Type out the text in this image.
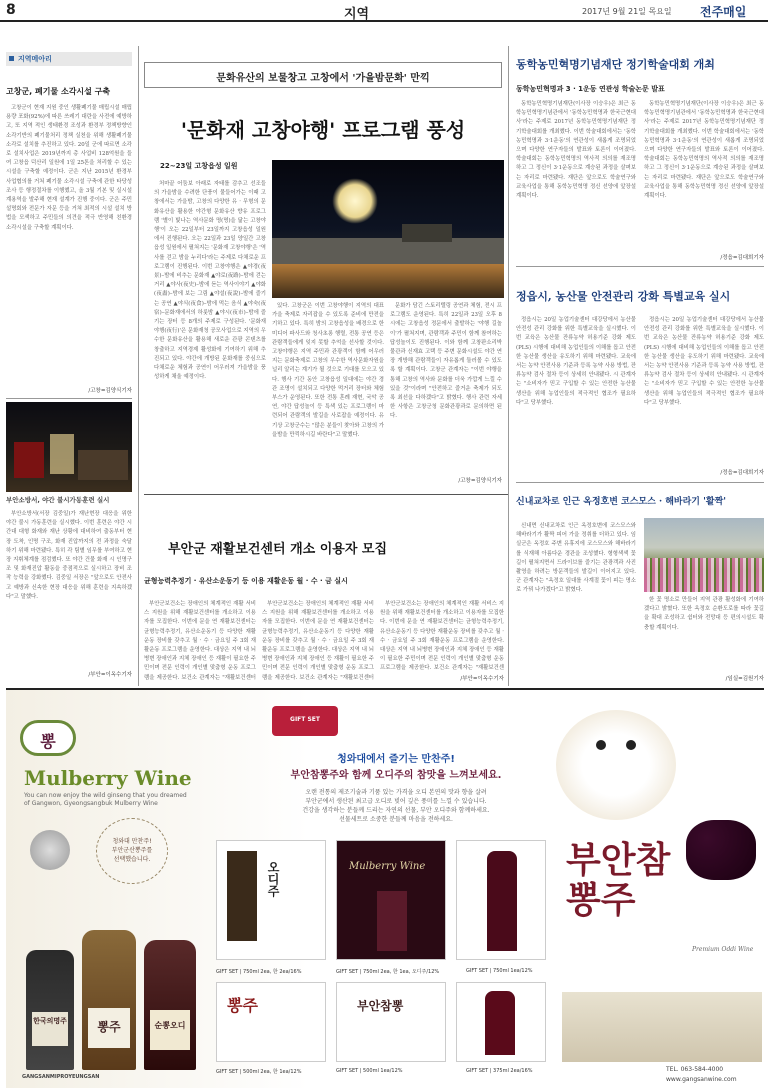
8	지역	2017년 9월 21일 목요일 전주매일
지역메아리
고창군, 폐기물 소각시설 구축

고창군이 현재 지원 중인 생활폐기물 매립시설 매립용량 포화(92%)에 따른 쓰레기 대란을 사전에 예방하고, 또 지역 적인 생태환경 조성과 환경부 정책방향인 소각기반의 폐기물처리 정책 실천을 위해 생활폐기물 소각로 설치를 추진하고 있다. 20일 군에 따르면 소각로 설치사업은 2019년까지 총 사업비 128억원을 들여 고창읍 덕산리 일원에 1일 25톤을 처리할 수 있는 시설을 구축할 예정이다. 군은 지난 2015년 환경부 사업협의를 거쳐 폐기물 소각시설 구축에 관한 타당성 조사 등 행정절차를 이행했고, 올 3월 기본 및 실시설계용역을 발주해 현재 설계가 진행 중이다. 군은 주민설명회와 전문가 자문 등을 거쳐 최적의 시설 설치 방법을 모색하고 주민들의 의견을 적극 반영해 친환경 소각시설을 구축할 계획이다.

/고창=김양식기자
부안소방서, 야간 불시가동훈련 실시

부안소방서(서장 김중일)가 재난현장 대응을 위한 야간 불시 가동훈련을 실시했다. 이번 훈련은 야간 시간대 대형 화재와 재난 상황에 대비하여 출동부터 현장 도착, 인명 구조, 화재 진압까지의 전 과정을 숙달하기 위해 마련됐다. 특히 각 팀별 임무를 부여하고 현장 지휘체계를 점검했다. 또 야간 건물 화재 시 인명구조 및 화재진압 활동을 중점적으로 실시하고 장비 조작 능력을 강화했다. 김중일 서장은 "앞으로도 안전사고 예방과 신속한 현장 대응을 위해 훈련을 지속하겠다"고 말했다.

/부안=이옥수기자
문화유산의 보물창고 고창에서 '가을밤문화' 만끽
'문화재 고창야행' 프로그램 풍성
22~23일 고창읍성 일원

처마끝 어둠보 아래로 자태를 감추고 선조들의 가을밤을 수려한 단풍이 물들어가는 이때 고창에서는 가을밤, 고창의 다양한 유 · 무형의 문화유산을 활용한 야간형 문화유산 향유 프로그램 '별이 빛나는 역사문화 명(명)을 닮는 고창야행'이 오는 22일부터 23일까지 고창읍성 일원에서 진행된다. 오는 22일과 23일 양일간 고창읍성 일원에서 펼쳐지는 '문화재 고창야행'은 '역사를 걷고 밤을 누리다'라는 주제로 다채로운 프로그램이 진행된다. 이번 고창야행은 ▲야경(夜景)–밤에 비추는 문화재 ▲야로(夜路)–밤에 걷는 거리 ▲야사(夜史)–밤에 듣는 역사이야기 ▲야화(夜畵)–밤에 보는 그림 ▲야설(夜說)–밤에 즐기는 공연 ▲야식(夜食)–밤에 먹는 음식 ▲야숙(夜宿)–문화재에서의 하룻밤 ▲야시(夜市)–밤에 즐기는 장터 등 8개의 주제로 구성된다. '문화재 야행(夜行)'은 문화재청 공모사업으로 지역의 우수한 문화유산을 활용해 새로운 관광 콘텐츠를 창출하고 지역경제 활성화에 기여하기 위해 추진되고 있다. 야간에 개방된 문화재를 중심으로 다채로운 체험과 공연이 어우러져 가을밤을 풍성하게 채울 예정이다.

있다. 고창군은 이번 고창야행이 지역의 대표 가을 축제로 자리잡을 수 있도록 준비에 만전을 기하고 있다. 특히 밤의 고창읍성을 배경으로 한 미디어 파사드와 청사초롱 행렬, 전통 공연 등은 관람객들에게 잊지 못할 추억을 선사할 것이다. 고창야행은 지역 주민과 관광객이 함께 어우러지는 문화축제로 고창의 우수한 역사문화자원을 널리 알리는 계기가 될 것으로 기대를 모으고 있다. 행사 기간 동안 고창읍성 일대에는 야간 경관 조명이 설치되고 다양한 먹거리 장터와 체험 부스가 운영된다. 또한 전통 혼례 재현, 국악 공연, 야간 답성놀이 등 특색 있는 프로그램이 마련되어 관람객의 발길을 사로잡을 예정이다. 유기상 고창군수는 "많은 분들이 찾아와 고창의 가을밤을 만끽하시길 바란다"고 말했다.

문화가 담긴 스토리텔링 공연과 체험, 전시 프로그램도 운영된다. 특히 22일과 23일 오후 8시에는 고창읍성 정문에서 출발하는 '야행 길놀이'가 펼쳐지며, 관람객과 주민이 함께 참여하는 답성놀이도 진행된다. 이와 함께 고창판소리박물관과 신재효 고택 등 주변 문화시설도 야간 연장 개방해 관람객들이 자유롭게 둘러볼 수 있도록 할 계획이다. 고창군 관계자는 "이번 야행을 통해 고창의 역사와 문화를 더욱 가깝게 느낄 수 있을 것"이라며 "안전하고 즐거운 축제가 되도록 최선을 다하겠다"고 밝혔다. 행사 관련 자세한 사항은 고창군청 문화관광과로 문의하면 된다.

/고창=김양식기자
동학농민혁명기념재단 정기학술대회 개최
동학농민혁명과 3 · 1운동 연관성 학술논문 발표

동학농민혁명기념재단(이사장 이승우)은 최근 동학농민혁명기념관에서 '동학농민혁명과 한국근현대사'라는 주제로 2017년 동학농민혁명기념재단 정기학술대회를 개최했다. 이번 학술대회에서는 '동학농민혁명과 3·1운동'의 연관성이 새롭게 조명되었으며 다양한 연구자들의 발표와 토론이 이어졌다. 학술대회는 동학농민혁명의 역사적 의의를 재조명하고 그 정신이 3·1운동으로 계승된 과정을 살펴보는 자리로 마련됐다. 재단은 앞으로도 학술연구와 교육사업을 통해 동학농민혁명 정신 선양에 앞장설 계획이다.

동학농민혁명기념재단(이사장 이승우)은 최근 동학농민혁명기념관에서 '동학농민혁명과 한국근현대사'라는 주제로 2017년 동학농민혁명기념재단 정기학술대회를 개최했다. 이번 학술대회에서는 '동학농민혁명과 3·1운동'의 연관성이 새롭게 조명되었으며 다양한 연구자들의 발표와 토론이 이어졌다. 학술대회는 동학농민혁명의 역사적 의의를 재조명하고 그 정신이 3·1운동으로 계승된 과정을 살펴보는 자리로 마련됐다. 재단은 앞으로도 학술연구와 교육사업을 통해 동학농민혁명 정신 선양에 앞장설 계획이다.

/정읍=김대희기자
정읍시, 농산물 안전관리 강화 특별교육 실시

정읍시는 20일 농업기술센터 대강당에서 농산물 안전성 관리 강화를 위한 특별교육을 실시했다. 이번 교육은 농산물 잔류농약 허용기준 강화 제도(PLS) 시행에 대비해 농업인들의 이해를 돕고 안전한 농산물 생산을 유도하기 위해 마련됐다. 교육에서는 농약 안전사용 기준과 등록 농약 사용 방법, 잔류농약 검사 절차 등이 상세히 안내됐다. 시 관계자는 "소비자가 믿고 구입할 수 있는 안전한 농산물 생산을 위해 농업인들의 적극적인 협조가 필요하다"고 당부했다.

정읍시는 20일 농업기술센터 대강당에서 농산물 안전성 관리 강화를 위한 특별교육을 실시했다. 이번 교육은 농산물 잔류농약 허용기준 강화 제도(PLS) 시행에 대비해 농업인들의 이해를 돕고 안전한 농산물 생산을 유도하기 위해 마련됐다. 교육에서는 농약 안전사용 기준과 등록 농약 사용 방법, 잔류농약 검사 절차 등이 상세히 안내됐다. 시 관계자는 "소비자가 믿고 구입할 수 있는 안전한 농산물 생산을 위해 농업인들의 적극적인 협조가 필요하다"고 당부했다.

/정읍=김대희기자
신내교차로 인근 옥정호변 코스모스 · 해바라기 '활짝'

신내면 신내교차로 인근 옥정호변에 코스모스와 해바라기가 활짝 피어 가을 정취를 더하고 있다. 임실군은 옥정호 주변 유휴지에 코스모스와 해바라기를 식재해 아름다운 경관을 조성했다. 형형색색 꽃길이 펼쳐지면서 드라이브를 즐기는 관광객과 사진 촬영을 하려는 방문객들의 발길이 이어지고 있다. 군 관계자는 "옥정호 일대를 사계절 꽃이 피는 명소로 가꿔 나가겠다"고 밝혔다.

한 꽃 명소로 만들어 지역 관광 활성화에 기여하겠다고 밝혔다. 또한 옥정호 순환도로를 따라 꽃길을 확대 조성하고 쉼터와 전망대 등 편의시설도 확충할 계획이다.

/임실=김원기자
부안군 재활보건센터 개소 이용자 모집
균형능력추정기 · 유산소운동기 등 이용 재활운동 월 · 수 · 금 실시

부안군보건소는 장애인의 체계적인 재활 서비스 지원을 위해 재활보건센터를 개소하고 이용자를 모집한다. 이번에 문을 연 재활보건센터는 균형능력추정기, 유산소운동기 등 다양한 재활운동 장비를 갖추고 월 · 수 · 금요일 주 3회 재활운동 프로그램을 운영한다. 대상은 지역 내 뇌병변 장애인과 지체 장애인 등 재활이 필요한 주민이며 전문 인력이 개인별 맞춤형 운동 프로그램을 제공한다. 보건소 관계자는 "재활보건센터

부안군보건소는 장애인의 체계적인 재활 서비스 지원을 위해 재활보건센터를 개소하고 이용자를 모집한다. 이번에 문을 연 재활보건센터는 균형능력추정기, 유산소운동기 등 다양한 재활운동 장비를 갖추고 월 · 수 · 금요일 주 3회 재활운동 프로그램을 운영한다. 대상은 지역 내 뇌병변 장애인과 지체 장애인 등 재활이 필요한 주민이며 전문 인력이 개인별 맞춤형 운동 프로그램을 제공한다. 보건소 관계자는 "재활보건센터

부안군보건소는 장애인의 체계적인 재활 서비스 지원을 위해 재활보건센터를 개소하고 이용자를 모집한다. 이번에 문을 연 재활보건센터는 균형능력추정기, 유산소운동기 등 다양한 재활운동 장비를 갖추고 월 · 수 · 금요일 주 3회 재활운동 프로그램을 운영한다. 대상은 지역 내 뇌병변 장애인과 지체 장애인 등 재활이 필요한 주민이며 전문 인력이 개인별 맞춤형 운동 프로그램을 제공한다. 보건소 관계자는 "재활보건센

/부안=이옥수기자
뽕
Mulberry Wine
You can now enjoy the wild ginseng that you dreamed of Gangwon, Gyeongsangbuk Mulberry Wine
청와대 만찬주!
부안군산뽕주를
선택했습니다.
한국의명주	뽕주	순뽕오디
GIFT SET
청와대에서 즐기는 만찬주!
부안참뽕주와 함께 오디주의 참맛을 느껴보세요.
오랜 전통의 제조기술과 기품 있는 가격을 오디 본연의 맛과 향을 살려
부안군에서 생산된 최고급 오디로 빚어 깊은 풍미를 느낄 수 있습니다.
건강을 생각하는 분들께 드리는 자연의 선물, 부안 오디주와 함께하세요.
선물세트로 소중한 분들께 마음을 전하세요.
오디주	Mulberry Wine
GIFT SET | 750ml 2ea, 한 2ea/16%	GIFT SET | 750ml 2ea, 한 1ea, 오디주/12%	GIFT SET | 750ml 1ea/12%
뽕주	부안참뽕
GIFT SET | 500ml 2ea, 한 1ea/12%	GIFT SET | 500ml 1ea/12%	GIFT SET | 375ml 2ea/16%
부안참뽕주
Premium Oddi Wine
GANGSANMIPROYEUNGSAN
TEL. 063-584-4000
www.gangsanwine.com
